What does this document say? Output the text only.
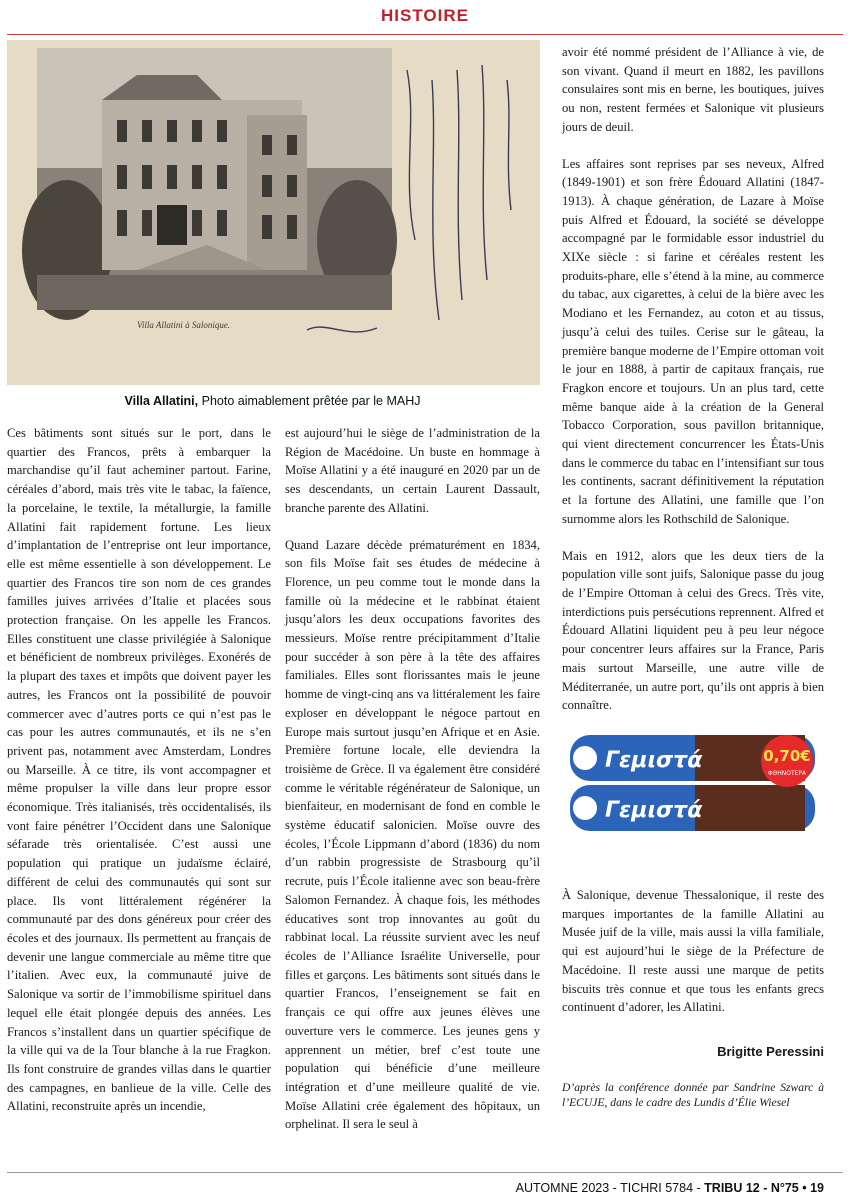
HISTOIRE
Villa Allatini à Salonique.
Villa Allatini, Photo aimablement prêtée par le MAHJ

Ces bâtiments sont situés sur le port, dans le quartier des Francos, prêts à embarquer la marchandise qu’il faut acheminer partout. Farine, céréales d’abord, mais très vite le tabac, la faïence, la porcelaine, le textile, la métallurgie, la famille Allatini fait rapidement fortune. Les lieux d’implantation de l’entreprise ont leur importance, elle est même essentielle à son développement. Le quartier des Francos tire son nom de ces grandes familles juives arrivées d’Italie et placées sous protection française. On les appelle les Francos. Elles constituent une classe privilégiée à Salonique et bénéficient de nombreux privilèges. Exonérés de la plupart des taxes et impôts que doivent payer les autres, les Francos ont la possibilité de pouvoir commercer avec d’autres ports ce qui n’est pas le cas pour les autres communautés, et ils ne s’en privent pas, notamment avec Amsterdam, Londres ou Marseille. À ce titre, ils vont accompagner et même propulser la ville dans leur propre essor économique. Très italianisés, très occidentalisés, ils vont faire pénétrer l’Occident dans une Salonique séfarade très orientalisée. C’est aussi une population qui pratique un judaïsme éclairé, différent de celui des communautés qui sont sur place. Ils vont littéralement régénérer la communauté par des dons généreux pour créer des écoles et des journaux. Ils permettent au français de devenir une langue commerciale au même titre que l’italien. Avec eux, la communauté juive de Salonique va sortir de l’immobilisme spirituel dans lequel elle était plongée depuis des années. Les Francos s’installent dans un quartier spécifique de la ville qui va de la Tour blanche à la rue Fragkon. Ils font construire de grandes villas dans le quartier des campagnes, en banlieue de la ville. Celle des Allatini, reconstruite après un incendie,

est aujourd’hui le siège de l’administration de la Région de Macédoine. Un buste en hommage à Moïse Allatini y a été inauguré en 2020 par un de ses descendants, un certain Laurent Dassault, branche parente des Allatini.

Quand Lazare décède prématurément en 1834, son fils Moïse fait ses études de médecine à Florence, un peu comme tout le monde dans la famille où la médecine et le rabbinat étaient jusqu’alors les deux occupations favorites des messieurs. Moïse rentre précipitamment d’Italie pour succéder à son père à la tête des affaires familiales. Elles sont florissantes mais le jeune homme de vingt-cinq ans va littéralement les faire exploser en développant le négoce partout en Europe mais surtout jusqu’en Afrique et en Asie. Première fortune locale, elle deviendra la troisième de Grèce. Il va également être considéré comme le véritable régénérateur de Salonique, un bienfaiteur, en modernisant de fond en comble le système éducatif salonicien. Moïse ouvre des écoles, l’École Lippmann d’abord (1836) du nom d’un rabbin progressiste de Strasbourg qu’il recrute, puis l’École italienne avec son beau-frère Salomon Fernandez. À chaque fois, les méthodes éducatives sont trop innovantes au goût du rabbinat local. La réussite survient avec les neuf écoles de l’Alliance Israélite Universelle, pour filles et garçons. Les bâtiments sont situés dans le quartier Francos, l’enseignement se fait en français ce qui offre aux jeunes élèves une ouverture vers le commerce. Les jeunes gens y apprennent un métier, bref c’est toute une population qui bénéficie d’une meilleure intégration et d’une meilleure qualité de vie. Moïse Allatini crée également des hôpitaux, un orphelinat. Il sera le seul à

avoir été nommé président de l’Alliance à vie, de son vivant. Quand il meurt en 1882, les pavillons consulaires sont mis en berne, les boutiques, juives ou non, restent fermées et Salonique vit plusieurs jours de deuil.

Les affaires sont reprises par ses neveux, Alfred (1849-1901) et son frère Édouard Allatini (1847-1913). À chaque génération, de Lazare à Moïse puis Alfred et Édouard, la société se développe accompagné par le formidable essor industriel du XIXe siècle : si farine et céréales restent les produits-phare, elle s’étend à la mine, au commerce du tabac, aux cigarettes, à celui de la bière avec les Modiano et les Fernandez, au coton et au tissus, jusqu’à celui des tuiles. Cerise sur le gâteau, la première banque moderne de l’Empire ottoman voit le jour en 1888, à partir de capitaux français, rue Fragkon encore et toujours. Un an plus tard, cette même banque aide à la création de la General Tobacco Corporation, sous pavillon britannique, qui vient directement concurrencer les États-Unis dans le commerce du tabac en l’intensifiant sur tous les continents, sacrant définitivement la réputation et la fortune des Allatini, une famille que l’on surnomme alors les Rothschild de Salonique.

Mais en 1912, alors que les deux tiers de la population ville sont juifs, Salonique passe du joug de l’Empire Ottoman à celui des Grecs. Très vite, interdictions puis persécutions reprennent. Alfred et Édouard Allatini liquident peu à peu leur négoce pour concentrer leurs affaires sur la France, Paris mais surtout Marseille, une autre ville de Méditerranée, un autre port, qu’ils ont appris à bien connaître.

Γεμιστά
Γεμιστά
0,70€
ΦΘΗΝΟΤΕΡΑ

À Salonique, devenue Thessalonique, il reste des marques importantes de la famille Allatini au Musée juif de la ville, mais aussi la villa familiale, qui est aujourd’hui le siège de la Préfecture de Macédoine. Il reste aussi une marque de petits biscuits très connue et que tous les enfants grecs continuent d’adorer, les Allatini.

Brigitte Peressini
D’après la conférence donnée par Sandrine Szwarc à l’ECUJE, dans le cadre des Lundis d’Élie Wiesel
AUTOMNE 2023 - TICHRI 5784 - TRIBU 12 - N°75 • 19
